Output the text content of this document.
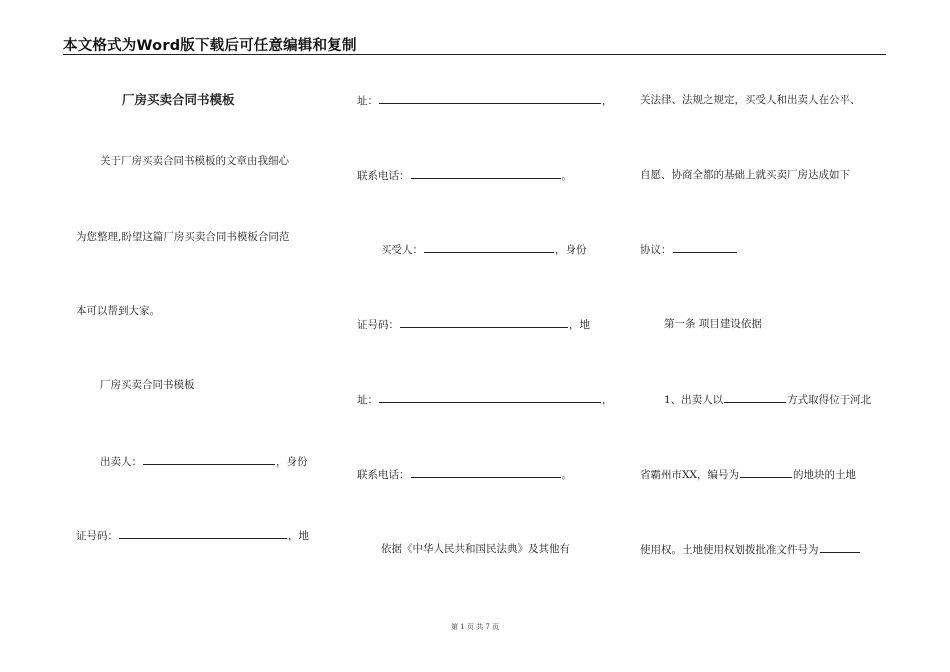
本文格式为Word版下载后可任意编辑和复制
厂房买卖合同书模板
关于厂房买卖合同书模板的文章由我细心
为您整理,盼望这篇厂房买卖合同书模板合同范
本可以帮到大家。
厂房买卖合同书模板
出卖人：	，身份
证号码：	，地
址：	，
联系电话：	。
买受人：	，身份
证号码：	，地
址：	，
联系电话：	。
依据《中华人民共和国民法典》及其他有
关法律、法规之规定，买受人和出卖人在公平、
自愿、协商全都的基础上就买卖厂房达成如下
协议：
第一条 项目建设依据
1、出卖人以	方式取得位于河北
省霸州市XX，编号为	的地块的土地
使用权。土地使用权划拨批准文件号为
第 1 页 共 7 页
